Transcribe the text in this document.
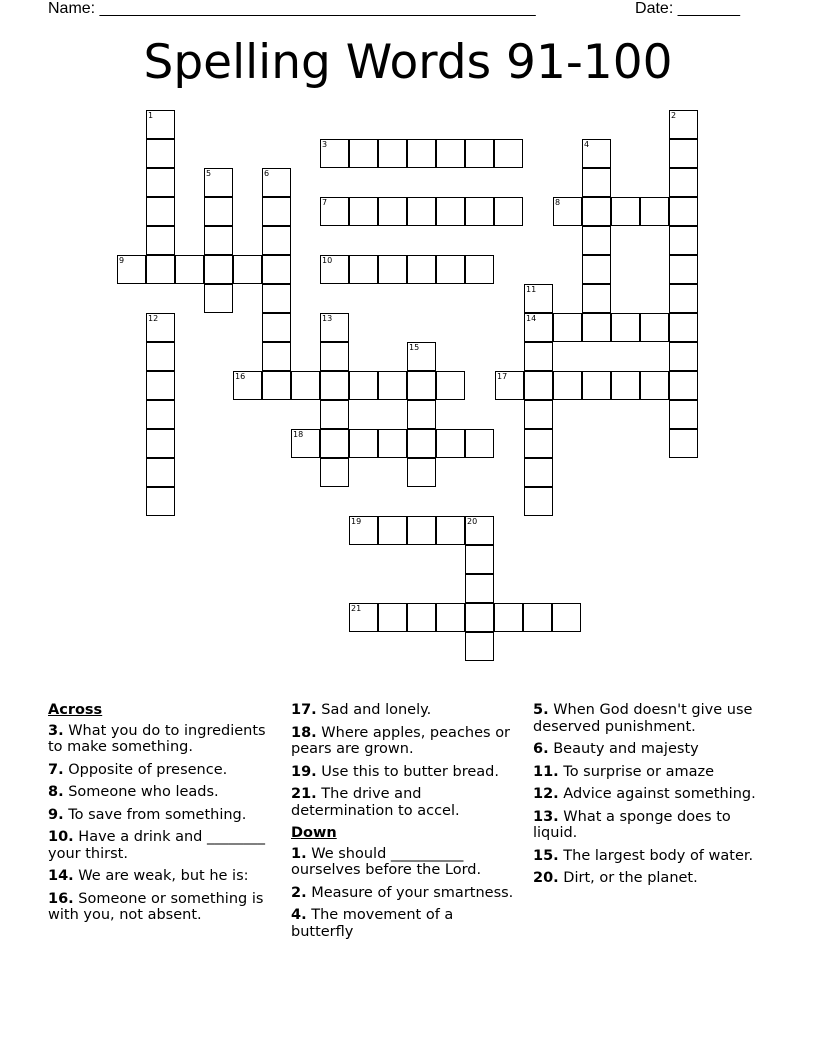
Name: _________________________________________________	Date: _______
Spelling Words 91-100
1	2
3	4
5	6
7	8
9	10
11
14
12	13
15
16	17
18
19	20
21
Across
3. What you do to ingredients to make something.
7. Opposite of presence.
8. Someone who leads.
9. To save from something.
10. Have a drink and ________ your thirst.
14. We are weak, but he is:
16. Someone or something is with you, not absent.
17. Sad and lonely.
18. Where apples, peaches or pears are grown.
19. Use this to butter bread.
21. The drive and determination to accel.
Down
1. We should __________ ourselves before the Lord.
2. Measure of your smartness.
4. The movement of a butterfly
5. When God doesn't give use deserved punishment.
6. Beauty and majesty
11. To surprise or amaze
12. Advice against something.
13. What a sponge does to liquid.
15. The largest body of water.
20. Dirt, or the planet.
